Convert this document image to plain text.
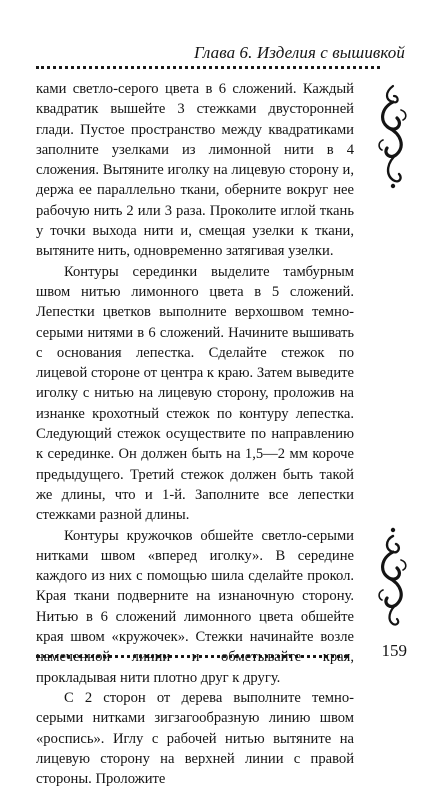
Глава 6. Изделия с вышивкой

ками светло-серого цвета в 6 сложений. Каждый квадратик вышейте 3 стежками двусторонней глади. Пустое пространство между квадратиками заполните узелками из лимонной нити в 4 сложения. Вытяните иголку на лицевую сторону и, держа ее параллельно ткани, оберните вокруг нее рабочую нить 2 или 3 раза. Проколите иглой ткань у точки выхода нити и, смещая узелки к ткани, вытяните нить, одновременно затягивая узелки.

Контуры серединки выделите тамбурным швом нитью лимонного цвета в 5 сложений. Лепестки цветков выполните верхошвом темно-серыми нитями в 6 сложений. Начините вышивать с основания лепестка. Сделайте стежок по лицевой стороне от центра к краю. Затем выведите иголку с нитью на лицевую сторону, проложив на изнанке крохотный стежок по контуру лепестка. Следующий стежок осуществите по направлению к серединке. Он должен быть на 1,5—2 мм короче предыдущего. Третий стежок должен быть такой же длины, что и 1-й. Заполните все лепестки стежками разной длины.

Контуры кружочков обшейте светло-серыми нитками швом «вперед иголку». В середине каждого из них с помощью шила сделайте прокол. Края ткани подверните на изнаночную сторону. Нитью в 6 сложений лимонного цвета обшейте края швом «кружочек». Стежки начинайте возле намеченной линии и обметывайте края, прокладывая нити плотно друг к другу.

С 2 сторон от дерева выполните темно-серыми нитками зигзагообразную линию швом «роспись». Иглу с рабочей нитью вытяните на лицевую сторону на верхней линии с правой стороны. Проложите

159
